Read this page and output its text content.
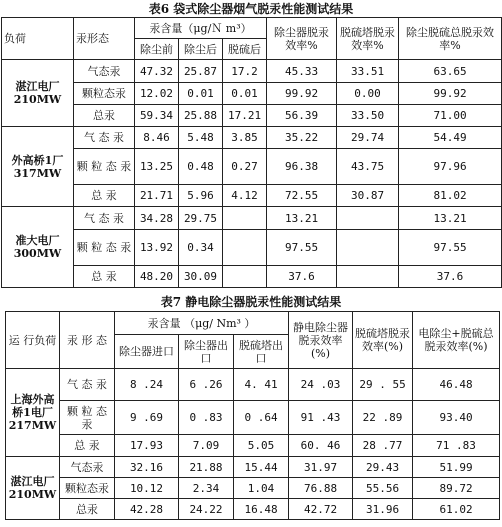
表6 袋式除尘器烟气脱汞性能测试结果
负荷	汞形态	汞含量（μg/Ｎ m³）			除尘器脱汞效率%	脱硫塔脱汞效率%	除尘脱硫总脱汞效率%
		除尘前	除尘后	脱硫后			

湛江电厂
210MW	气态汞	47.32	25.87	17.2	45.33	33.51	63.65
	颗粒态汞	12.02	0.01	0.01	99.92	0.00	99.92
	总汞	59.34	25.88	17.21	56.39	33.50	71.00

外高桥1厂
317MW	气 态 汞	8.46	5.48	3.85	35.22	29.74	54.49
	颗 粒 态 汞	13.25	0.48	0.27	96.38	43.75	97.96
	总 汞	21.71	5.96	4.12	72.55	30.87	81.02

准大电厂
300MW	气 态 汞	34.28	29.75		13.21		13.21
	颗 粒 态 汞	13.92	0.34		97.55		97.55
	总 汞	48.20	30.09		37.6		37.6
表7 静电除尘器脱汞性能测试结果
运 行负荷	汞 形 态	汞含量 （μg/ Nm³ ）			静电除尘器脱汞效率(%)	脱硫塔脱汞效率(%)	电除尘+脱硫总脱汞效率(%)
		除尘器进口	除尘器出口	脱硫塔出口			

上海外高桥1电厂
217MW	气 态 汞	8 .24	6 .26	4. 41	24 .03	29 . 55	46.48
	颗 粒 态 汞	9 .69	0 .83	0 .64	91 .43	22 .89	93.40
	总 汞	17.93	7.09	5.05	60. 46	28 .77	71 .83

湛江电厂
210MW	气态汞	32.16	21.88	15.44	31.97	29.43	51.99
	颗粒态汞	10.12	2.34	1.04	76.88	55.56	89.72
	总汞	42.28	24.22	16.48	42.72	31.96	61.02
